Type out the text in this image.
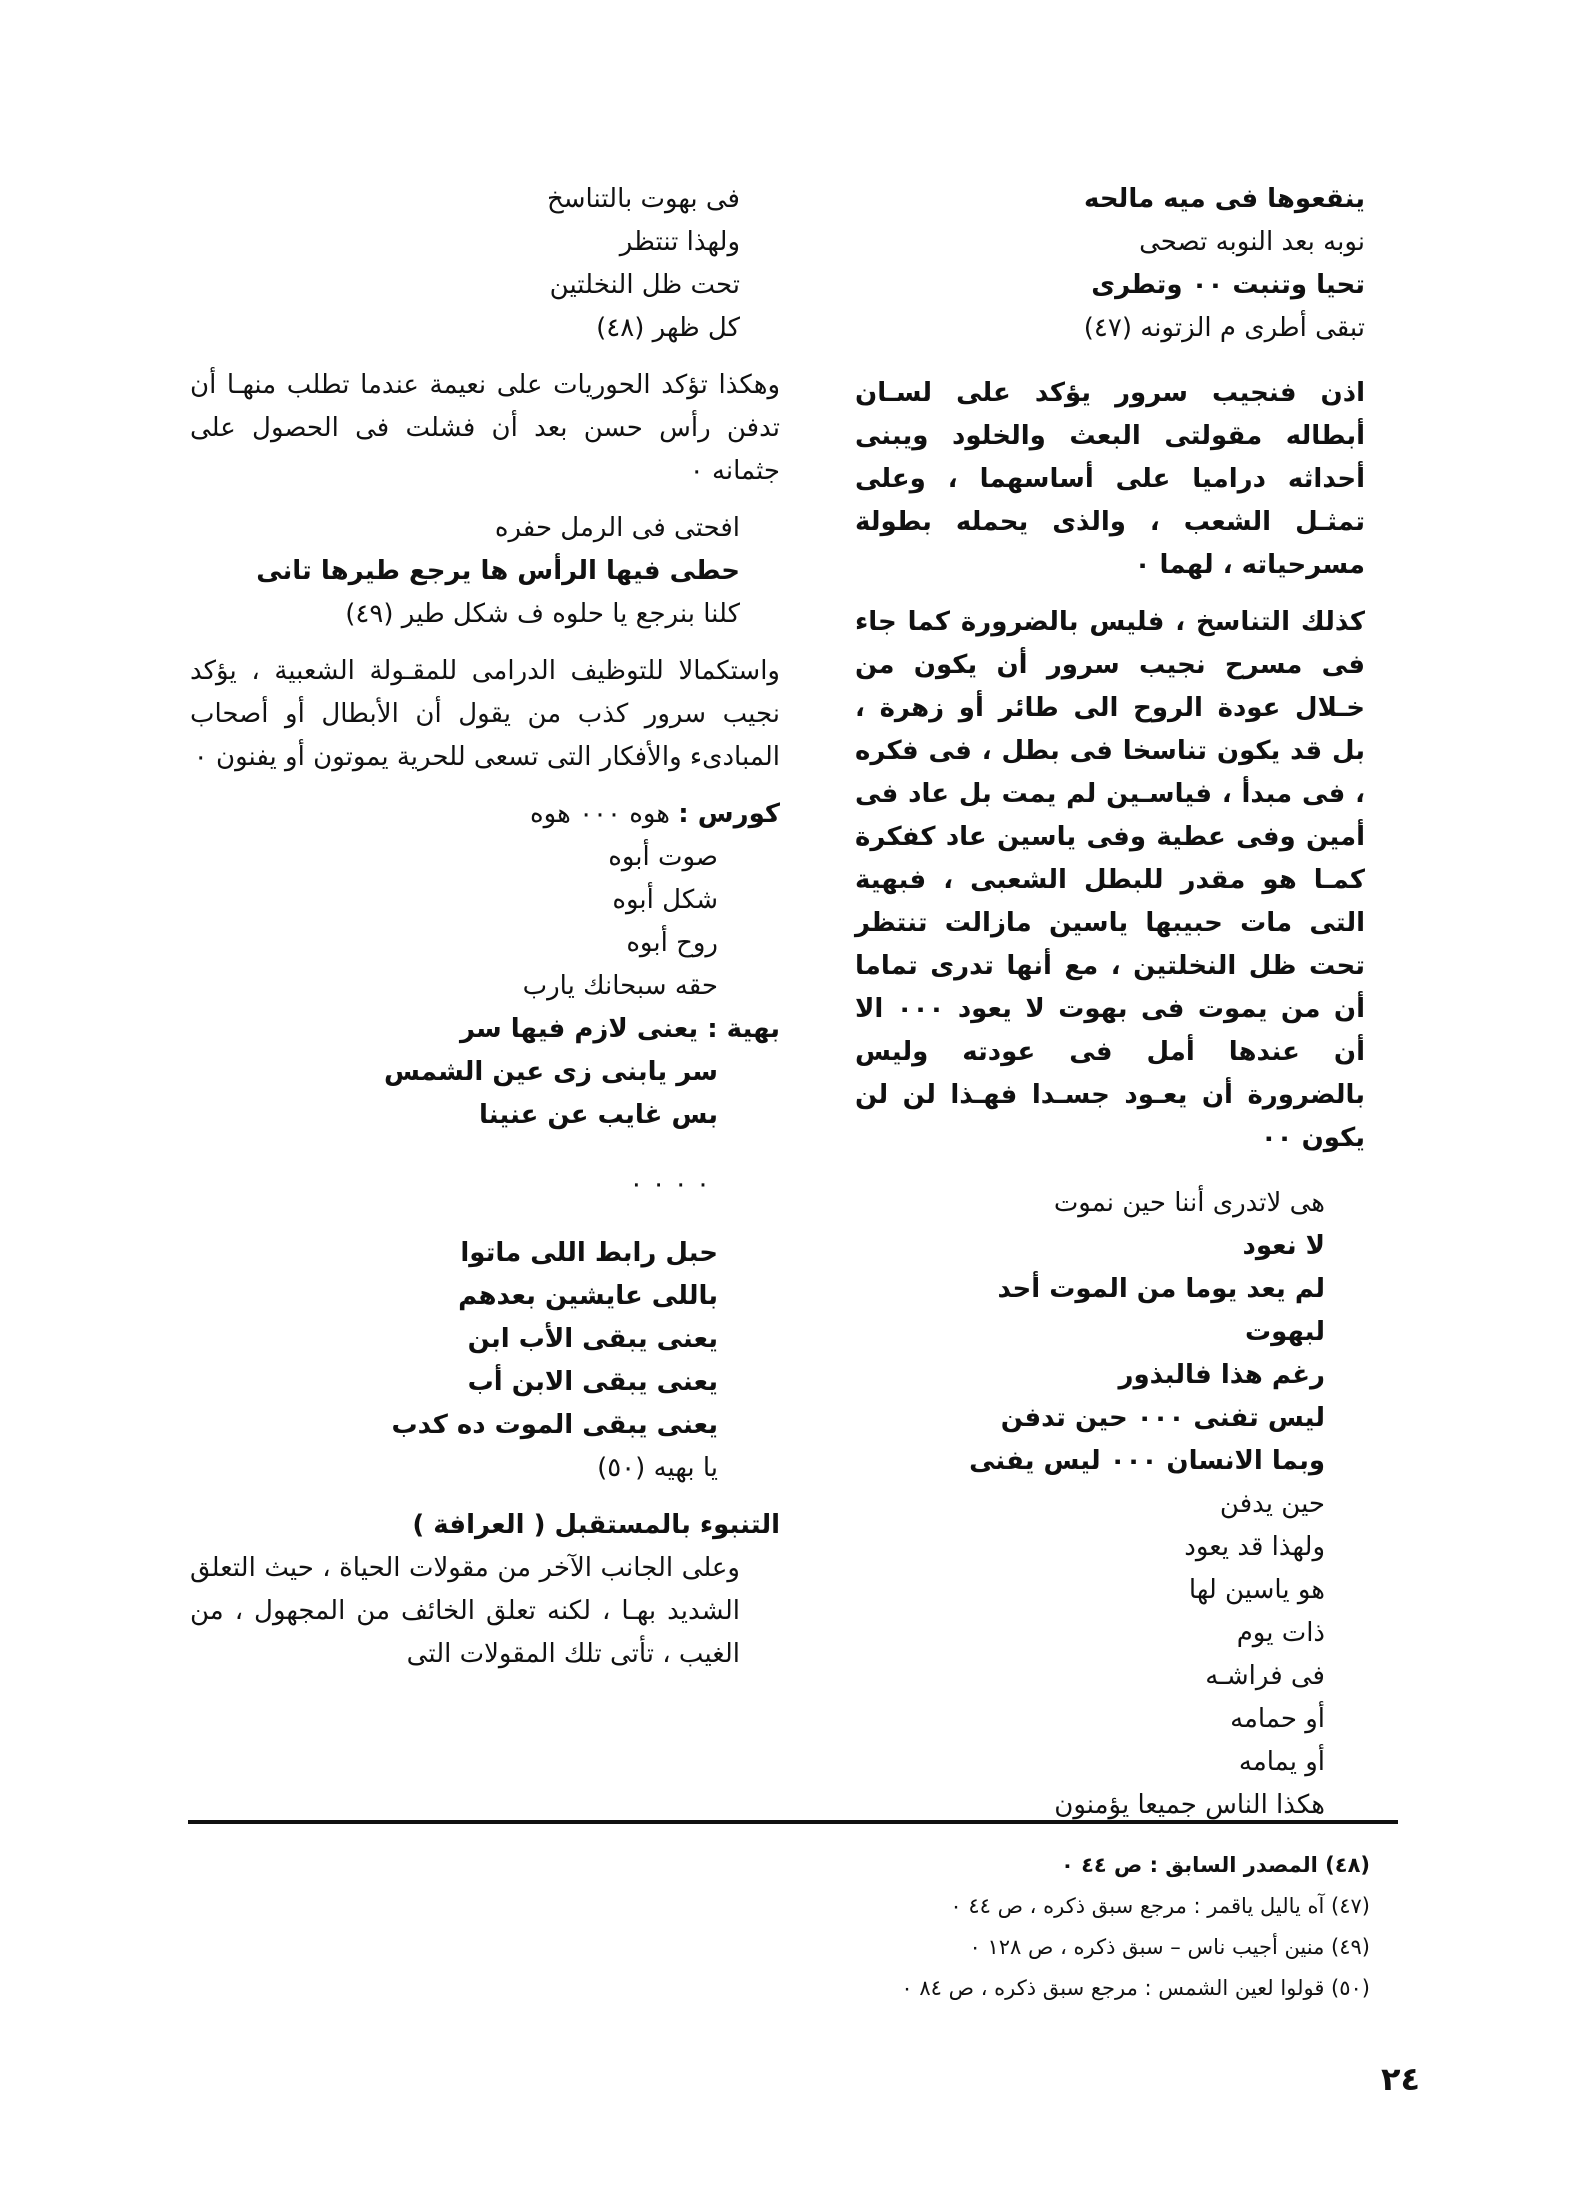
ينقعوها فى ميه مالحه

نوبه بعد النوبه تصحى

تحيا وتنبت ٠٠ وتطرى

تبقى أطرى م الزتونه (٤٧)

اذن فنجيب سرور يؤكد على لسـان أبطاله مقولتى البعث والخلود ويبنى أحداثه دراميا على أساسهما ، وعلى تمثـل الشعب ، والذى يحمله بطولة مسرحياته ، لهما ٠

كذلك التناسخ ، فليس بالضرورة كما جاء فى مسرح نجيب سرور أن يكون من خـلال عودة الروح الى طائر أو زهرة ، بل قد يكون تناسخا فى بطل ، فى فكره ، فى مبدأ ، فياسـين لم يمت بل عاد فى أمين وفى عطية وفى ياسين عاد كفكرة كمـا هو مقدر للبطل الشعبى ، فبهية التى مات حبيبها ياسين مازالت تنتظر تحت ظل النخلتين ، مع أنها تدرى تماما أن من يموت فى بهوت لا يعود ٠٠٠ الا أن عندها أمل فى عودته وليس بالضرورة أن يعـود جسـدا فهـذا لن لن يكون ٠٠

هى لاتدرى أننا حين نموت

لا نعود

لم يعد يوما من الموت أحد

لبهوت

رغم هذا فالبذور

ليس تفنى ٠٠٠ حين تدفن

وبما الانسان ٠٠٠ ليس يفنى

حين يدفن

ولهذا قد يعود

هو ياسين لها

ذات يوم

فى فراشـه

أو حمامه

أو يمامه

هكذا الناس جميعا يؤمنون

فى بهوت بالتناسخ

ولهذا تنتظر

تحت ظل النخلتين

كل ظهر (٤٨)

وهكذا تؤكد الحوريات على نعيمة عندما تطلب منهـا أن تدفن رأس حسن بعد أن فشلت فى الحصول على جثمانه ٠

افحتى فى الرمل حفره

حطى فيها الرأس ها يرجع طيرها تانى

كلنا بنرجع يا حلوه ف شكل طير (٤٩)

واستكمالا للتوظيف الدرامى للمقـولة الشعبية ، يؤكد نجيب سرور كذب من يقول أن الأبطال أو أصحاب المبادىء والأفكار التى تسعى للحرية يموتون أو يفنون ٠

كورس : هوه ٠٠٠ هوه

صوت أبوه

شكل أبوه

روح أبوه

حقه سبحانك يارب

بهية : يعنى لازم فيها سر

سر يابنى زى عين الشمس

بس غايب عن عنينا

٠ ٠ ٠ ٠

حبل رابط اللى ماتوا

باللى عايشين بعدهم

يعنى يبقى الأب ابن

يعنى يبقى الابن أب

يعنى يبقى الموت ده كدب

يا بهيه (٥٠)

التنبوء بالمستقبل ( العرافة )

وعلى الجانب الآخر من مقولات الحياة ، حيث التعلق الشديد بهـا ، لكنه تعلق الخائف من المجهول ، من الغيب ، تأتى تلك المقولات التى

(٤٨) المصدر السابق : ص ٤٤ ٠

(٤٧) آه ياليل ياقمر : مرجع سبق ذكره ، ص ٤٤ ٠

(٤٩) منين أجيب ناس – سبق ذكره ، ص ١٢٨ ٠

(٥٠) قولوا لعين الشمس : مرجع سبق ذكره ، ص ٨٤ ٠

٢٤
